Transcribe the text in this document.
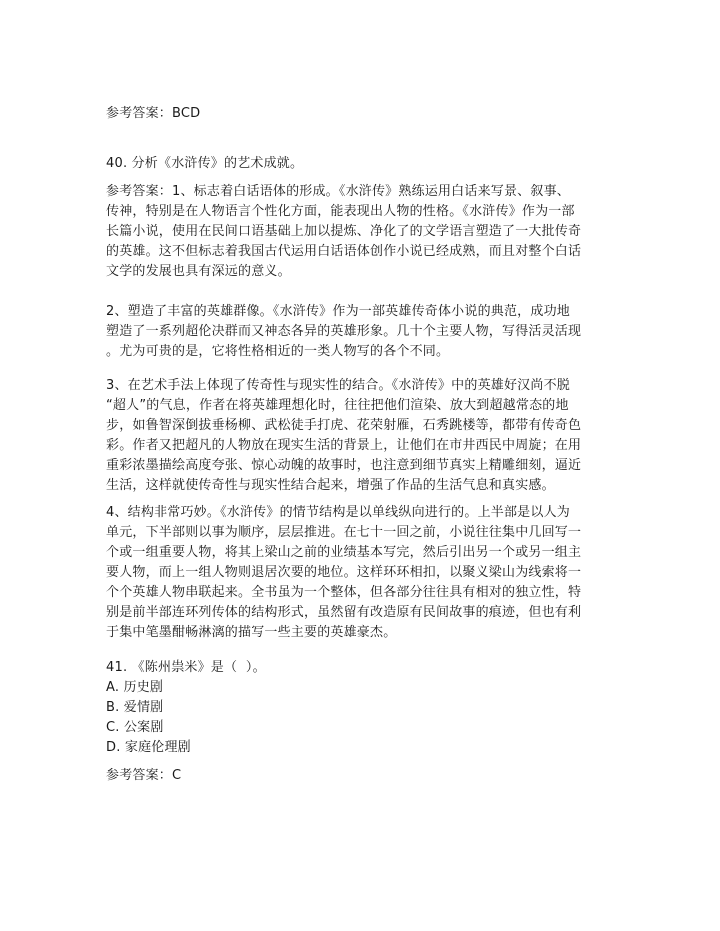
参考答案：BCD
40. 分析《水浒传》的艺术成就。
参考答案：1、标志着白话语体的形成。《水浒传》熟练运用白话来写景、叙事、
传神，特别是在人物语言个性化方面，能表现出人物的性格。《水浒传》作为一部
长篇小说，使用在民间口语基础上加以提炼、净化了的文学语言塑造了一大批传奇
的英雄。这不但标志着我国古代运用白话语体创作小说已经成熟，而且对整个白话
文学的发展也具有深远的意义。
2、塑造了丰富的英雄群像。《水浒传》作为一部英雄传奇体小说的典范，成功地
塑造了一系列超伦决群而又神态各异的英雄形象。几十个主要人物，写得活灵活现
。尤为可贵的是，它将性格相近的一类人物写的各个不同。
3、在艺术手法上体现了传奇性与现实性的结合。《水浒传》中的英雄好汉尚不脱
“超人”的气息，作者在将英雄理想化时，往往把他们渲染、放大到超越常态的地
步，如鲁智深倒拔垂杨柳、武松徒手打虎、花荣射雁，石秀跳楼等，都带有传奇色
彩。作者又把超凡的人物放在现实生活的背景上，让他们在市井西民中周旋；在用
重彩浓墨描绘高度夸张、惊心动魄的故事时，也注意到细节真实上精雕细刻，逼近
生活，这样就使传奇性与现实性结合起来，增强了作品的生活气息和真实感。
4、结构非常巧妙。《水浒传》的情节结构是以单线纵向进行的。上半部是以人为
单元，下半部则以事为顺序，层层推进。在七十一回之前，小说往往集中几回写一
个或一组重要人物，将其上梁山之前的业绩基本写完，然后引出另一个或另一组主
要人物，而上一组人物则退居次要的地位。这样环环相扣，以聚义梁山为线索将一
个个英雄人物串联起来。全书虽为一个整体，但各部分往往具有相对的独立性，特
别是前半部连环列传体的结构形式，虽然留有改造原有民间故事的痕迹，但也有利
于集中笔墨酣畅淋漓的描写一些主要的英雄豪杰。
41. 《陈州祟米》是（  ）。
A. 历史剧
B. 爱情剧
C. 公案剧
D. 家庭伦理剧
参考答案：C
